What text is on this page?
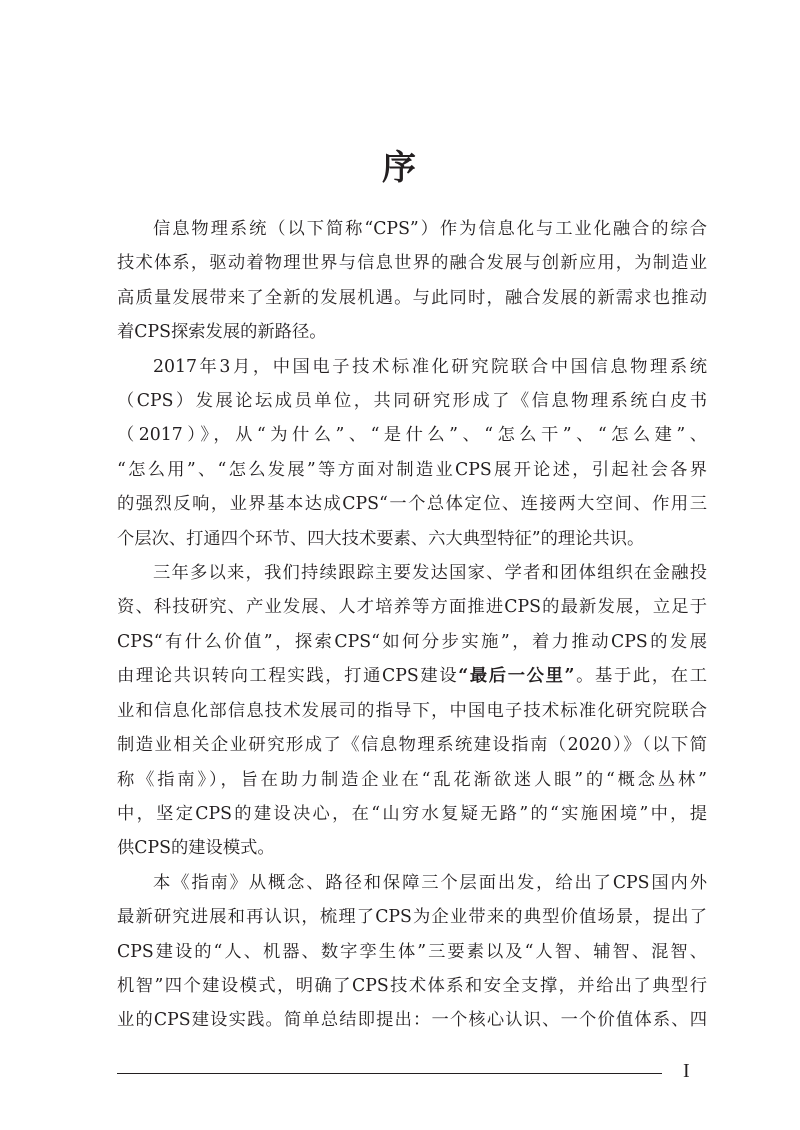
序

信息物理系统（以下简称“CPS”）作为信息化与工业化融合的综合
技术体系，驱动着物理世界与信息世界的融合发展与创新应用，为制造业
高质量发展带来了全新的发展机遇。与此同时，融合发展的新需求也推动
着CPS探索发展的新路径。

2017年3月，中国电子技术标准化研究院联合中国信息物理系统
（CPS）发展论坛成员单位，共同研究形成了《信息物理系统白皮书
（2017）》，从“为什么”、“是什么”、“怎么干”、“怎么建”、
“怎么用”、“怎么发展”等方面对制造业CPS展开论述，引起社会各界
的强烈反响，业界基本达成CPS“一个总体定位、连接两大空间、作用三
个层次、打通四个环节、四大技术要素、六大典型特征”的理论共识。

三年多以来，我们持续跟踪主要发达国家、学者和团体组织在金融投
资、科技研究、产业发展、人才培养等方面推进CPS的最新发展，立足于
CPS“有什么价值”，探索CPS“如何分步实施”，着力推动CPS的发展
由理论共识转向工程实践，打通CPS建设“最后一公里”。基于此，在工
业和信息化部信息技术发展司的指导下，中国电子技术标准化研究院联合
制造业相关企业研究形成了《信息物理系统建设指南（2020）》（以下简
称《指南》），旨在助力制造企业在“乱花渐欲迷人眼”的“概念丛林”
中，坚定CPS的建设决心，在“山穷水复疑无路”的“实施困境”中，提
供CPS的建设模式。

本《指南》从概念、路径和保障三个层面出发，给出了CPS国内外
最新研究进展和再认识，梳理了CPS为企业带来的典型价值场景，提出了
CPS建设的“人、机器、数字孪生体”三要素以及“人智、辅智、混智、
机智”四个建设模式，明确了CPS技术体系和安全支撑，并给出了典型行
业的CPS建设实践。简单总结即提出：一个核心认识、一个价值体系、四

I
